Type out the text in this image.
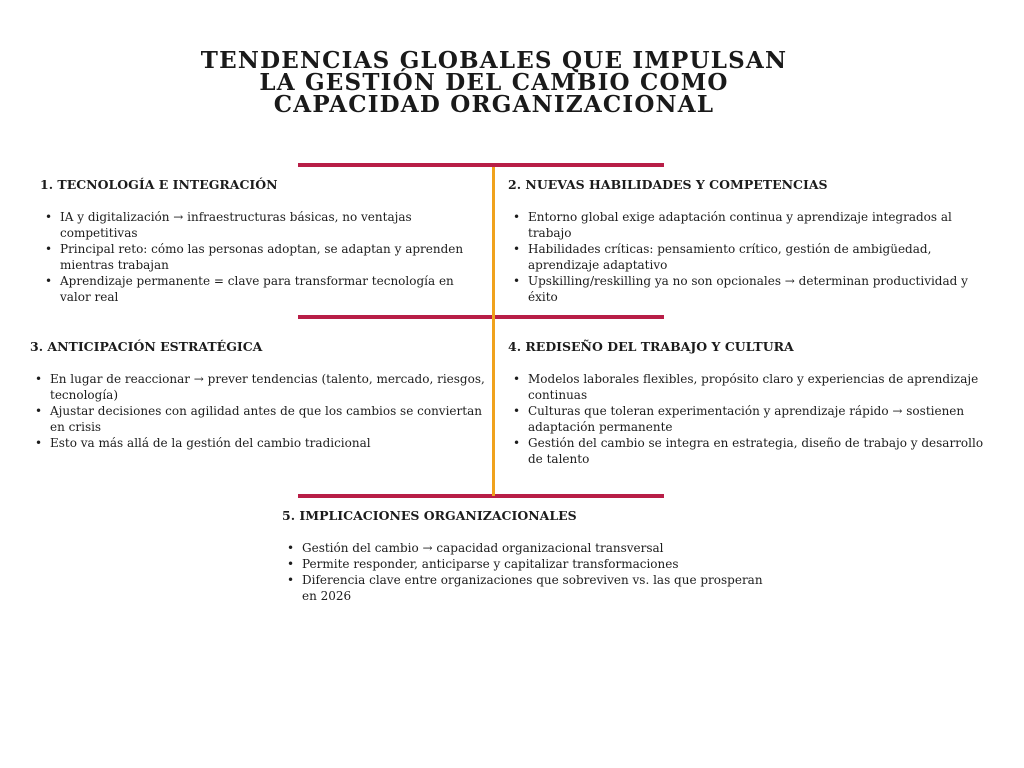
TENDENCIAS GLOBALES QUE IMPULSAN
LA GESTIÓN DEL CAMBIO COMO
CAPACIDAD ORGANIZACIONAL

1. TECNOLOGÍA E INTEGRACIÓN

• IA y digitalización → infraestructuras básicas, no ventajas competitivas
• Principal reto: cómo las personas adoptan, se adaptan y aprenden mientras trabajan
• Aprendizaje permanente = clave para transformar tecnología en valor real

2. NUEVAS HABILIDADES Y COMPETENCIAS

• Entorno global exige adaptación continua y aprendizaje integrados al trabajo
• Habilidades críticas: pensamiento crítico, gestión de ambigüedad, aprendizaje adaptativo
• Upskilling/reskilling ya no son opcionales → determinan productividad y éxito

3. ANTICIPACIÓN ESTRATÉGICA

• En lugar de reaccionar → prever tendencias (talento, mercado, riesgos, tecnología)
• Ajustar decisiones con agilidad antes de que los cambios se conviertan en crisis
• Esto va más allá de la gestión del cambio tradicional

4. REDISEÑO DEL TRABAJO Y CULTURA

• Modelos laborales flexibles, propósito claro y experiencias de aprendizaje continuas
• Culturas que toleran experimentación y aprendizaje rápido → sostienen adaptación permanente
• Gestión del cambio se integra en estrategia, diseño de trabajo y desarrollo de talento

5. IMPLICACIONES ORGANIZACIONALES

• Gestión del cambio → capacidad organizacional transversal
• Permite responder, anticiparse y capitalizar transformaciones
• Diferencia clave entre organizaciones que sobreviven vs. las que prosperan en 2026
